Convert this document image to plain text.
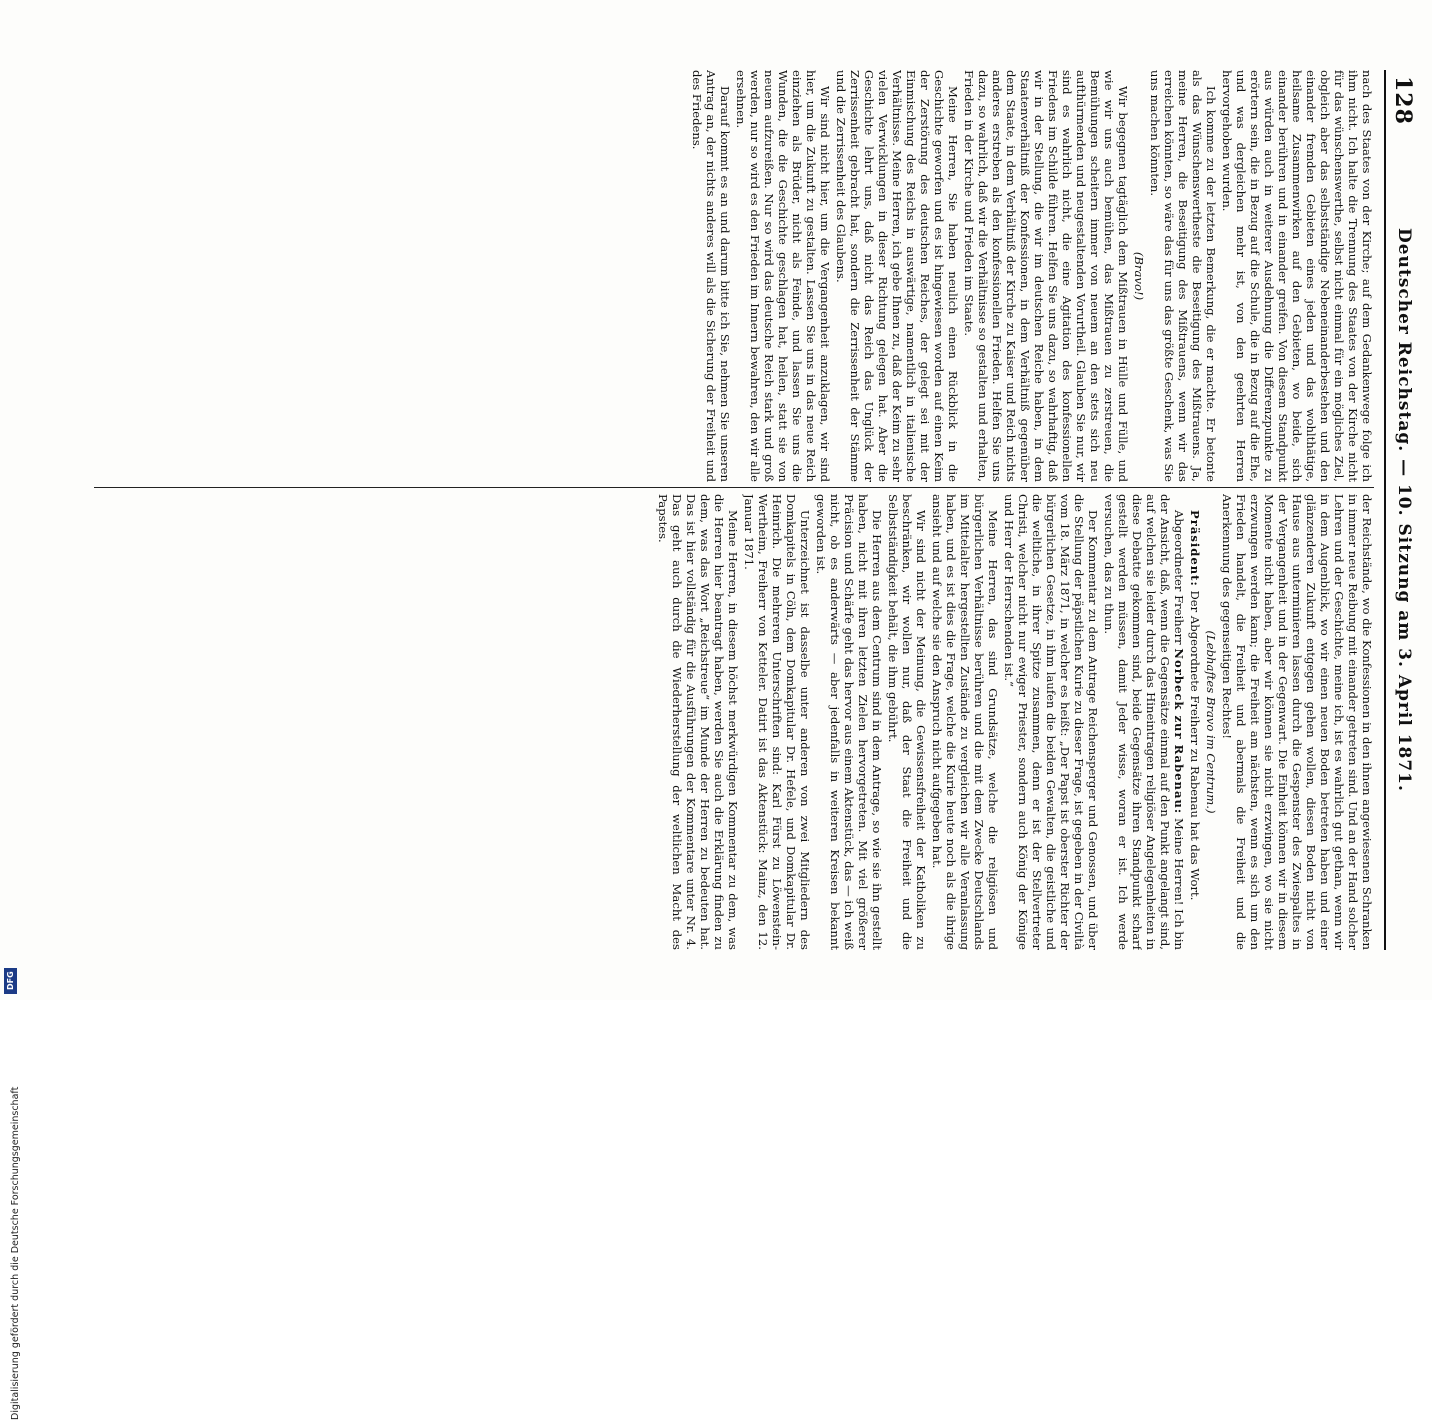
128
Deutscher Reichstag. — 10. Sitzung am 3. April 1871.

nach des Staates von der Kirche; auf dem Gedankenwege folge ich ihm nicht. Ich halte die Trennung des Staates von der Kirche nicht für das wünschenswerthe, selbst nicht einmal für ein mögliches Ziel, obgleich aber das selbstständige Nebeneinanderbestehen und den einander fremden Gebieten eines jeden und das wohlthätige, heilsame Zusammenwirken auf den Gebieten, wo beide, sich einander berühren und in einander greifen. Von diesem Standpunkt aus würden auch in weiterer Ausdehnung die Differenzpunkte zu erörtern sein, die in Bezug auf die Schule, die in Bezug auf die Ehe, und was dergleichen mehr ist, von den geehrten Herren hervorgehoben wurden.

Ich komme zu der letzten Bemerkung, die er machte. Er betonte als das Wünschenswertheste die Beseitigung des Mißtrauens. Ja, meine Herren, die Beseitigung des Mißtrauens, wenn wir das erreichen könnten, so wäre das für uns das größte Geschenk, was Sie uns machen könnten.

(Bravo!)

Wir begegnen tagtäglich dem Mißtrauen in Hülle und Fülle, und wie wir uns auch bemühen, das Mißtrauen zu zerstreuen, die Bemühungen scheitern immer von neuem an den stets sich neu aufthürmenden und neugestaltenden Vorurtheil. Glauben Sie nur, wir sind es wahrlich nicht, die eine Agitation des konfessionellen Friedens im Schilde führen. Helfen Sie uns dazu, so wahrhaftig, daß wir in der Stellung, die wir im deutschen Reiche haben, in dem Staatenverhältniß der Konfessionen, in dem Verhältniß gegenüber dem Staate, in dem Verhältniß der Kirche zu Kaiser und Reich nichts anderes erstreben als den konfessionellen Frieden. Helfen Sie uns dazu, so wahrlich, daß wir die Verhältnisse so gestalten und erhalten, Frieden in der Kirche und Frieden im Staate.

Meine Herren, Sie haben neulich einen Rückblick in die Geschichte geworfen und es ist hingewiesen worden auf einen Keim der Zerstörung des deutschen Reiches, der gelegt sei mit der Einmischung des Reichs in auswärtige, namentlich in italienische Verhältnisse. Meine Herren, ich gebe Ihnen zu, daß der Keim zu sehr vielen Verwicklungen in dieser Richtung gelegen hat. Aber die Geschichte lehrt uns, daß nicht das Reich das Unglück der Zerrissenheit gebracht hat, sondern die Zerrissenheit der Stämme und die Zerrissenheit des Glaubens.

Wir sind nicht hier, um die Vergangenheit anzuklagen, wir sind hier, um die Zukunft zu gestalten. Lassen Sie uns in das neue Reich einziehen als Brüder, nicht als Feinde, und lassen Sie uns die Wunden, die die Geschichte geschlagen hat, heilen, statt sie von neuem aufzureißen. Nur so wird das deutsche Reich stark und groß werden, nur so wird es den Frieden im Innern bewahren, den wir alle ersehnen.

Darauf kommt es an und darum bitte ich Sie, nehmen Sie unseren Antrag an, der nichts anderes will als die Sicherung der Freiheit und des Friedens.

der Reichstände, wo die Konfessionen in den ihnen angewiesenen Schranken in immer neue Reibung mit einander getreten sind. Und an der Hand solcher Lehren und der Geschichte, meine ich, ist es wahrlich gut gethan, wenn wir in dem Augenblick, wo wir einen neuen Boden betreten haben und einer glänzenderen Zukunft entgegen gehen wollen, diesen Boden nicht von Hause aus unterminieren lassen durch die Gespenster des Zwiespaltes in der Vergangenheit und in der Gegenwart. Die Einheit können wir in diesem Momente nicht haben, aber wir können sie nicht erzwingen, wo sie nicht erzwungen werden kann; die Freiheit am nächsten, wenn es sich um den Frieden handelt, die Freiheit und abermals die Freiheit und die Anerkennung des gegenseitigen Rechtes!

(Lebhaftes Bravo im Centrum.)

Präsident: Der Abgeordnete Freiherr zu Rabenau hat das Wort.

Abgeordneter Freiherr Norbeck zur Rabenau: Meine Herren! Ich bin der Ansicht, daß, wenn die Gegensätze einmal auf den Punkt angelangt sind, auf welchen sie leider durch das Hineintragen religiöser Angelegenheiten in diese Debatte gekommen sind, beide Gegensätze ihren Standpunkt scharf gestellt werden müssen, damit Jeder wisse, woran er ist. Ich werde versuchen, das zu thun.

Der Kommentar zu dem Antrage Reichensperger und Genossen, und über die Stellung der päpstlichen Kurie zu dieser Frage, ist gegeben in der Civiltà vom 18. März 1871, in welcher es heißt: „Der Papst ist oberster Richter der bürgerlichen Gesetze, in ihm laufen die beiden Gewalten, die geistliche und die weltliche, in ihrer Spitze zusammen, denn er ist der Stellvertreter Christi, welcher nicht nur ewiger Priester, sondern auch König der Könige und Herr der Herrschenden ist.“

Meine Herren, das sind Grundsätze, welche die religiösen und bürgerlichen Verhältnisse berühren und die mit dem Zwecke Deutschlands im Mittelalter hergestellten Zustände zu vergleichen wir alle Veranlassung haben, und es ist dies die Frage, welche die Kurie heute noch als die ihrige ansieht und auf welche sie den Anspruch nicht aufgegeben hat.

Wir sind nicht der Meinung, die Gewissensfreiheit der Katholiken zu beschränken, wir wollen nur, daß der Staat die Freiheit und die Selbstständigkeit behält, die ihm gebührt.

Die Herren aus dem Centrum sind in dem Antrage, so wie sie ihn gestellt haben, nicht mit ihren letzten Zielen hervorgetreten. Mit viel größerer Präcision und Schärfe geht das hervor aus einem Aktenstück, das — ich weiß nicht, ob es anderwärts — aber jedenfalls in weiteren Kreisen bekannt geworden ist.

Unterzeichnet ist dasselbe unter anderen von zwei Mitgliedern des Domkapitels in Cöln, dem Domkapitular Dr. Hefele, und Domkapitular Dr. Heinrich. Die mehreren Unterschriften sind: Karl Fürst zu Löwenstein-Wertheim, Freiherr von Ketteler. Datirt ist das Aktenstück: Mainz, den 12. Januar 1871.

Meine Herren, in diesem höchst merkwürdigen Kommentar zu dem, was die Herren hier beantragt haben, werden Sie auch die Erklärung finden zu dem, was das Wort „Reichstreue“ im Munde der Herren zu bedeuten hat. Das ist hier vollständig für die Ausführungen der Kommentare unter Nr. 4. Das geht auch durch die Wiederherstellung der weltlichen Macht des Papstes.

Digitalisierung gefördert durch die Deutsche Forschungsgemeinschaft
DFG
